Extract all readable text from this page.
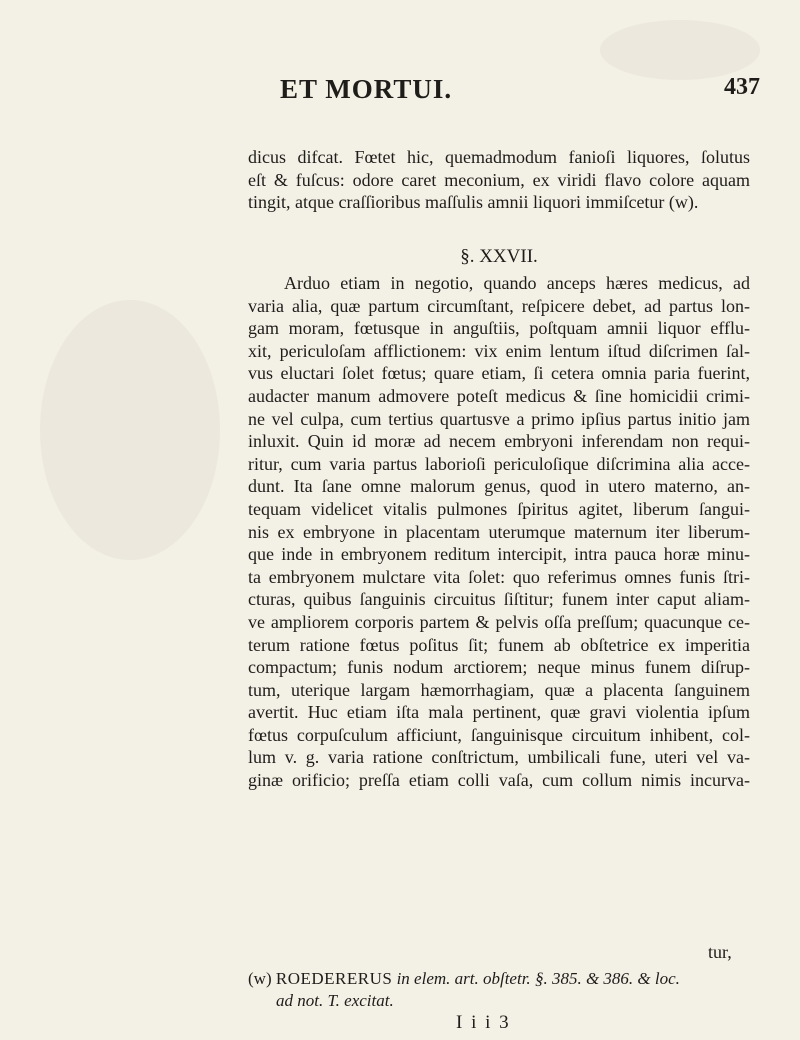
ET MORTUI.	437
dicus difcat. Fœtet hic, quemadmodum fanioſi liquores, ſolutus
eſt & fuſcus: odore caret meconium, ex viridi flavo colore aquam
tingit, atque craſſioribus maſſulis amnii liquori immiſcetur (w).
§. XXVII.
Arduo etiam in negotio, quando anceps hæres medicus, ad
varia alia, quæ partum circumſtant, reſpicere debet, ad partus lon-
gam moram, fœtusque in anguſtiis, poſtquam amnii liquor efflu-
xit, periculoſam afflictionem: vix enim lentum iſtud diſcrimen ſal-
vus eluctari ſolet fœtus; quare etiam, ſi cetera omnia paria fuerint,
audacter manum admovere poteſt medicus & ſine homicidii crimi-
ne vel culpa, cum tertius quartusve a primo ipſius partus initio jam
inluxit. Quin id moræ ad necem embryoni inferendam non requi-
ritur, cum varia partus laborioſi periculoſique diſcrimina alia acce-
dunt. Ita ſane omne malorum genus, quod in utero materno, an-
tequam videlicet vitalis pulmones ſpiritus agitet, liberum ſangui-
nis ex embryone in placentam uterumque maternum iter liberum-
que inde in embryonem reditum intercipit, intra pauca horæ minu-
ta embryonem mulctare vita ſolet: quo referimus omnes funis ſtri-
cturas, quibus ſanguinis circuitus ſiſtitur; funem inter caput aliam-
ve ampliorem corporis partem & pelvis oſſa preſſum; quacunque ce-
terum ratione fœtus poſitus ſit; funem ab obſtetrice ex imperitia
compactum; funis nodum arctiorem; neque minus funem diſrup-
tum, uterique largam hæmorrhagiam, quæ a placenta ſanguinem
avertit. Huc etiam iſta mala pertinent, quæ gravi violentia ipſum
fœtus corpuſculum afficiunt, ſanguinisque circuitum inhibent, col-
lum v. g. varia ratione conſtrictum, umbilicali fune, uteri vel va-
ginæ orificio; preſſa etiam colli vaſa, cum collum nimis incurva-
tur,
(w) ROEDERERUS in elem. art. obſtetr. §. 385. & 386. & loc.
ad not. T. excitat.
I i i 3
